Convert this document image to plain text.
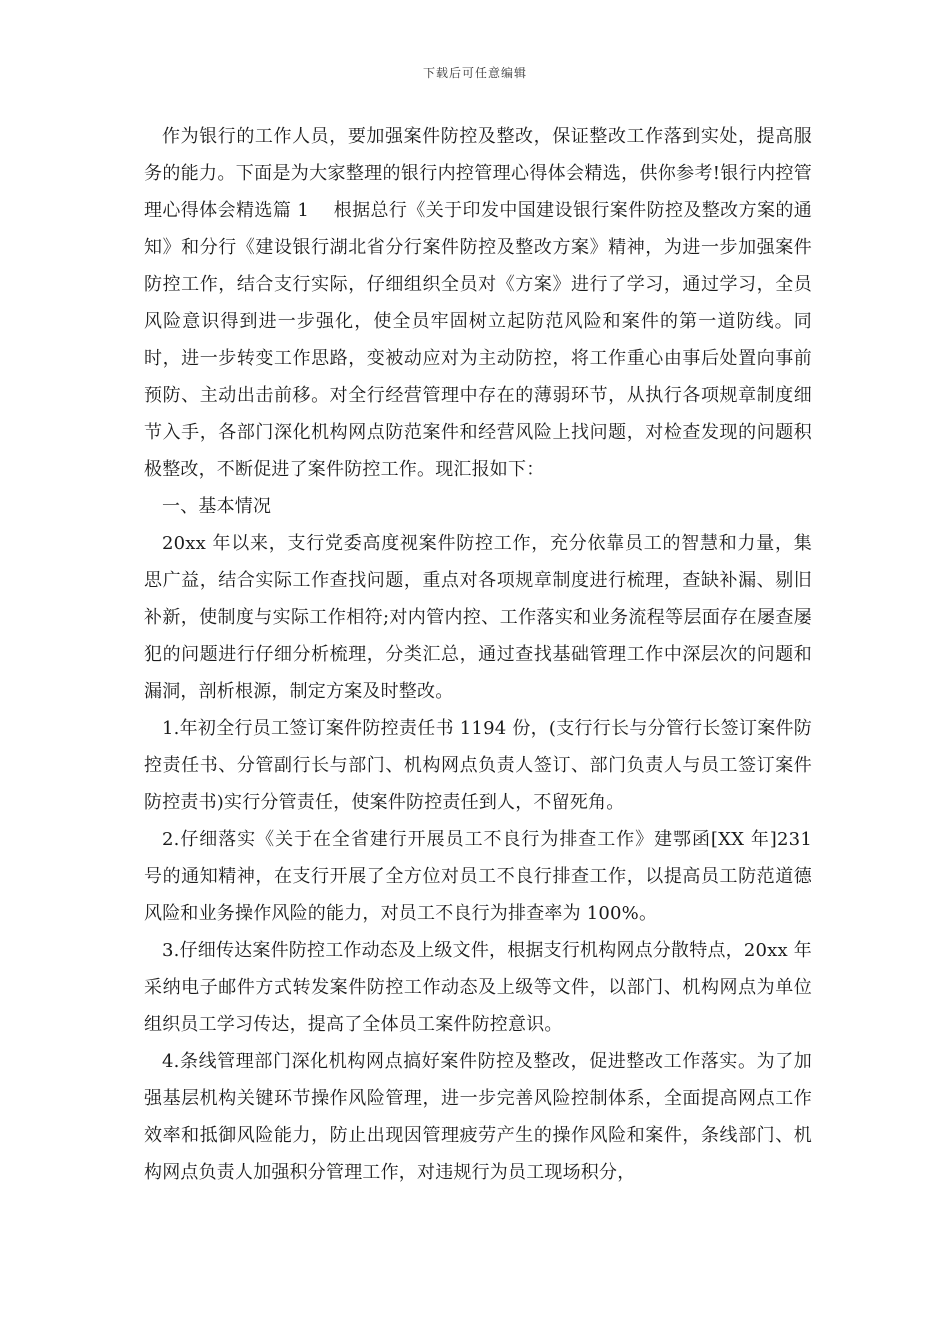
下载后可任意编辑

作为银行的工作人员，要加强案件防控及整改，保证整改工作落到实处，提高服务的能力。下面是为大家整理的银行内控管理心得体会精选，供你参考!银行内控管理心得体会精选篇 1　 根据总行《关于印发中国建设银行案件防控及整改方案的通知》和分行《建设银行湖北省分行案件防控及整改方案》精神，为进一步加强案件防控工作，结合支行实际，仔细组织全员对《方案》进行了学习，通过学习，全员风险意识得到进一步强化，使全员牢固树立起防范风险和案件的第一道防线。同时，进一步转变工作思路，变被动应对为主动防控，将工作重心由事后处置向事前预防、主动出击前移。对全行经营管理中存在的薄弱环节，从执行各项规章制度细节入手，各部门深化机构网点防范案件和经营风险上找问题，对检查发现的问题积极整改，不断促进了案件防控工作。现汇报如下：

一、基本情况

20xx 年以来，支行党委高度视案件防控工作，充分依靠员工的智慧和力量，集思广益，结合实际工作查找问题，重点对各项规章制度进行梳理，查缺补漏、剔旧补新，使制度与实际工作相符;对内管内控、工作落实和业务流程等层面存在屡查屡犯的问题进行仔细分析梳理，分类汇总，通过查找基础管理工作中深层次的问题和漏洞，剖析根源，制定方案及时整改。

1.年初全行员工签订案件防控责任书 1194 份，(支行行长与分管行长签订案件防控责任书、分管副行长与部门、机构网点负责人签订、部门负责人与员工签订案件防控责书)实行分管责任，使案件防控责任到人，不留死角。

2.仔细落实《关于在全省建行开展员工不良行为排查工作》建鄂函[XX 年]231 号的通知精神，在支行开展了全方位对员工不良行排查工作，以提高员工防范道德风险和业务操作风险的能力，对员工不良行为排查率为 100%。

3.仔细传达案件防控工作动态及上级文件，根据支行机构网点分散特点，20xx 年采纳电子邮件方式转发案件防控工作动态及上级等文件，以部门、机构网点为单位组织员工学习传达，提高了全体员工案件防控意识。

4.条线管理部门深化机构网点搞好案件防控及整改，促进整改工作落实。为了加强基层机构关键环节操作风险管理，进一步完善风险控制体系，全面提高网点工作效率和抵御风险能力，防止出现因管理疲劳产生的操作风险和案件，条线部门、机构网点负责人加强积分管理工作，对违规行为员工现场积分，
